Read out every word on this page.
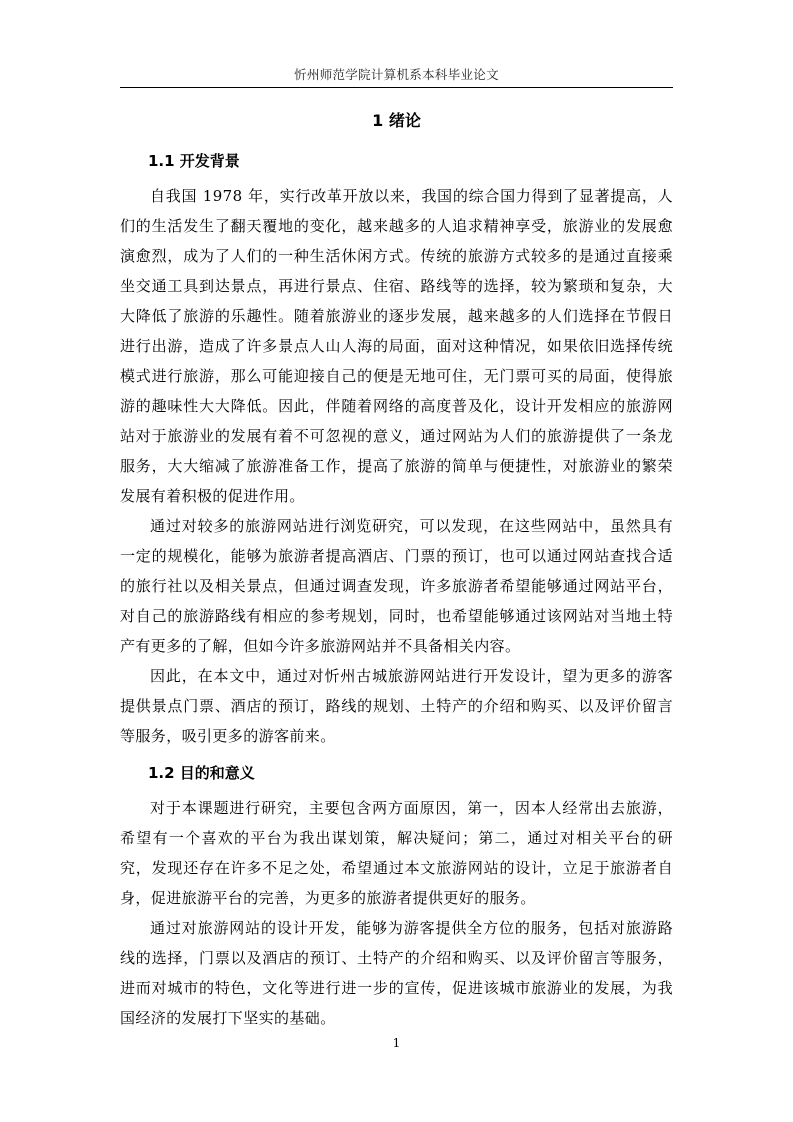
忻州师范学院计算机系本科毕业论文
1 绪论
1.1 开发背景

自我国 1978 年，实行改革开放以来，我国的综合国力得到了显著提高，人们的生活发生了翻天覆地的变化，越来越多的人追求精神享受，旅游业的发展愈演愈烈，成为了人们的一种生活休闲方式。传统的旅游方式较多的是通过直接乘坐交通工具到达景点，再进行景点、住宿、路线等的选择，较为繁琐和复杂，大大降低了旅游的乐趣性。随着旅游业的逐步发展，越来越多的人们选择在节假日进行出游，造成了许多景点人山人海的局面，面对这种情况，如果依旧选择传统模式进行旅游，那么可能迎接自己的便是无地可住，无门票可买的局面，使得旅游的趣味性大大降低。因此，伴随着网络的高度普及化，设计开发相应的旅游网站对于旅游业的发展有着不可忽视的意义，通过网站为人们的旅游提供了一条龙服务，大大缩减了旅游准备工作，提高了旅游的简单与便捷性，对旅游业的繁荣发展有着积极的促进作用。

通过对较多的旅游网站进行浏览研究，可以发现，在这些网站中，虽然具有一定的规模化，能够为旅游者提高酒店、门票的预订，也可以通过网站查找合适的旅行社以及相关景点，但通过调查发现，许多旅游者希望能够通过网站平台，对自己的旅游路线有相应的参考规划，同时，也希望能够通过该网站对当地土特产有更多的了解，但如今许多旅游网站并不具备相关内容。

因此，在本文中，通过对忻州古城旅游网站进行开发设计，望为更多的游客提供景点门票、酒店的预订，路线的规划、土特产的介绍和购买、以及评价留言等服务，吸引更多的游客前来。

1.2 目的和意义

对于本课题进行研究，主要包含两方面原因，第一，因本人经常出去旅游，希望有一个喜欢的平台为我出谋划策，解决疑问；第二，通过对相关平台的研究，发现还存在许多不足之处，希望通过本文旅游网站的设计，立足于旅游者自身，促进旅游平台的完善，为更多的旅游者提供更好的服务。

通过对旅游网站的设计开发，能够为游客提供全方位的服务，包括对旅游路线的选择，门票以及酒店的预订、土特产的介绍和购买、以及评价留言等服务，进而对城市的特色，文化等进行进一步的宣传，促进该城市旅游业的发展，为我国经济的发展打下坚实的基础。

1
